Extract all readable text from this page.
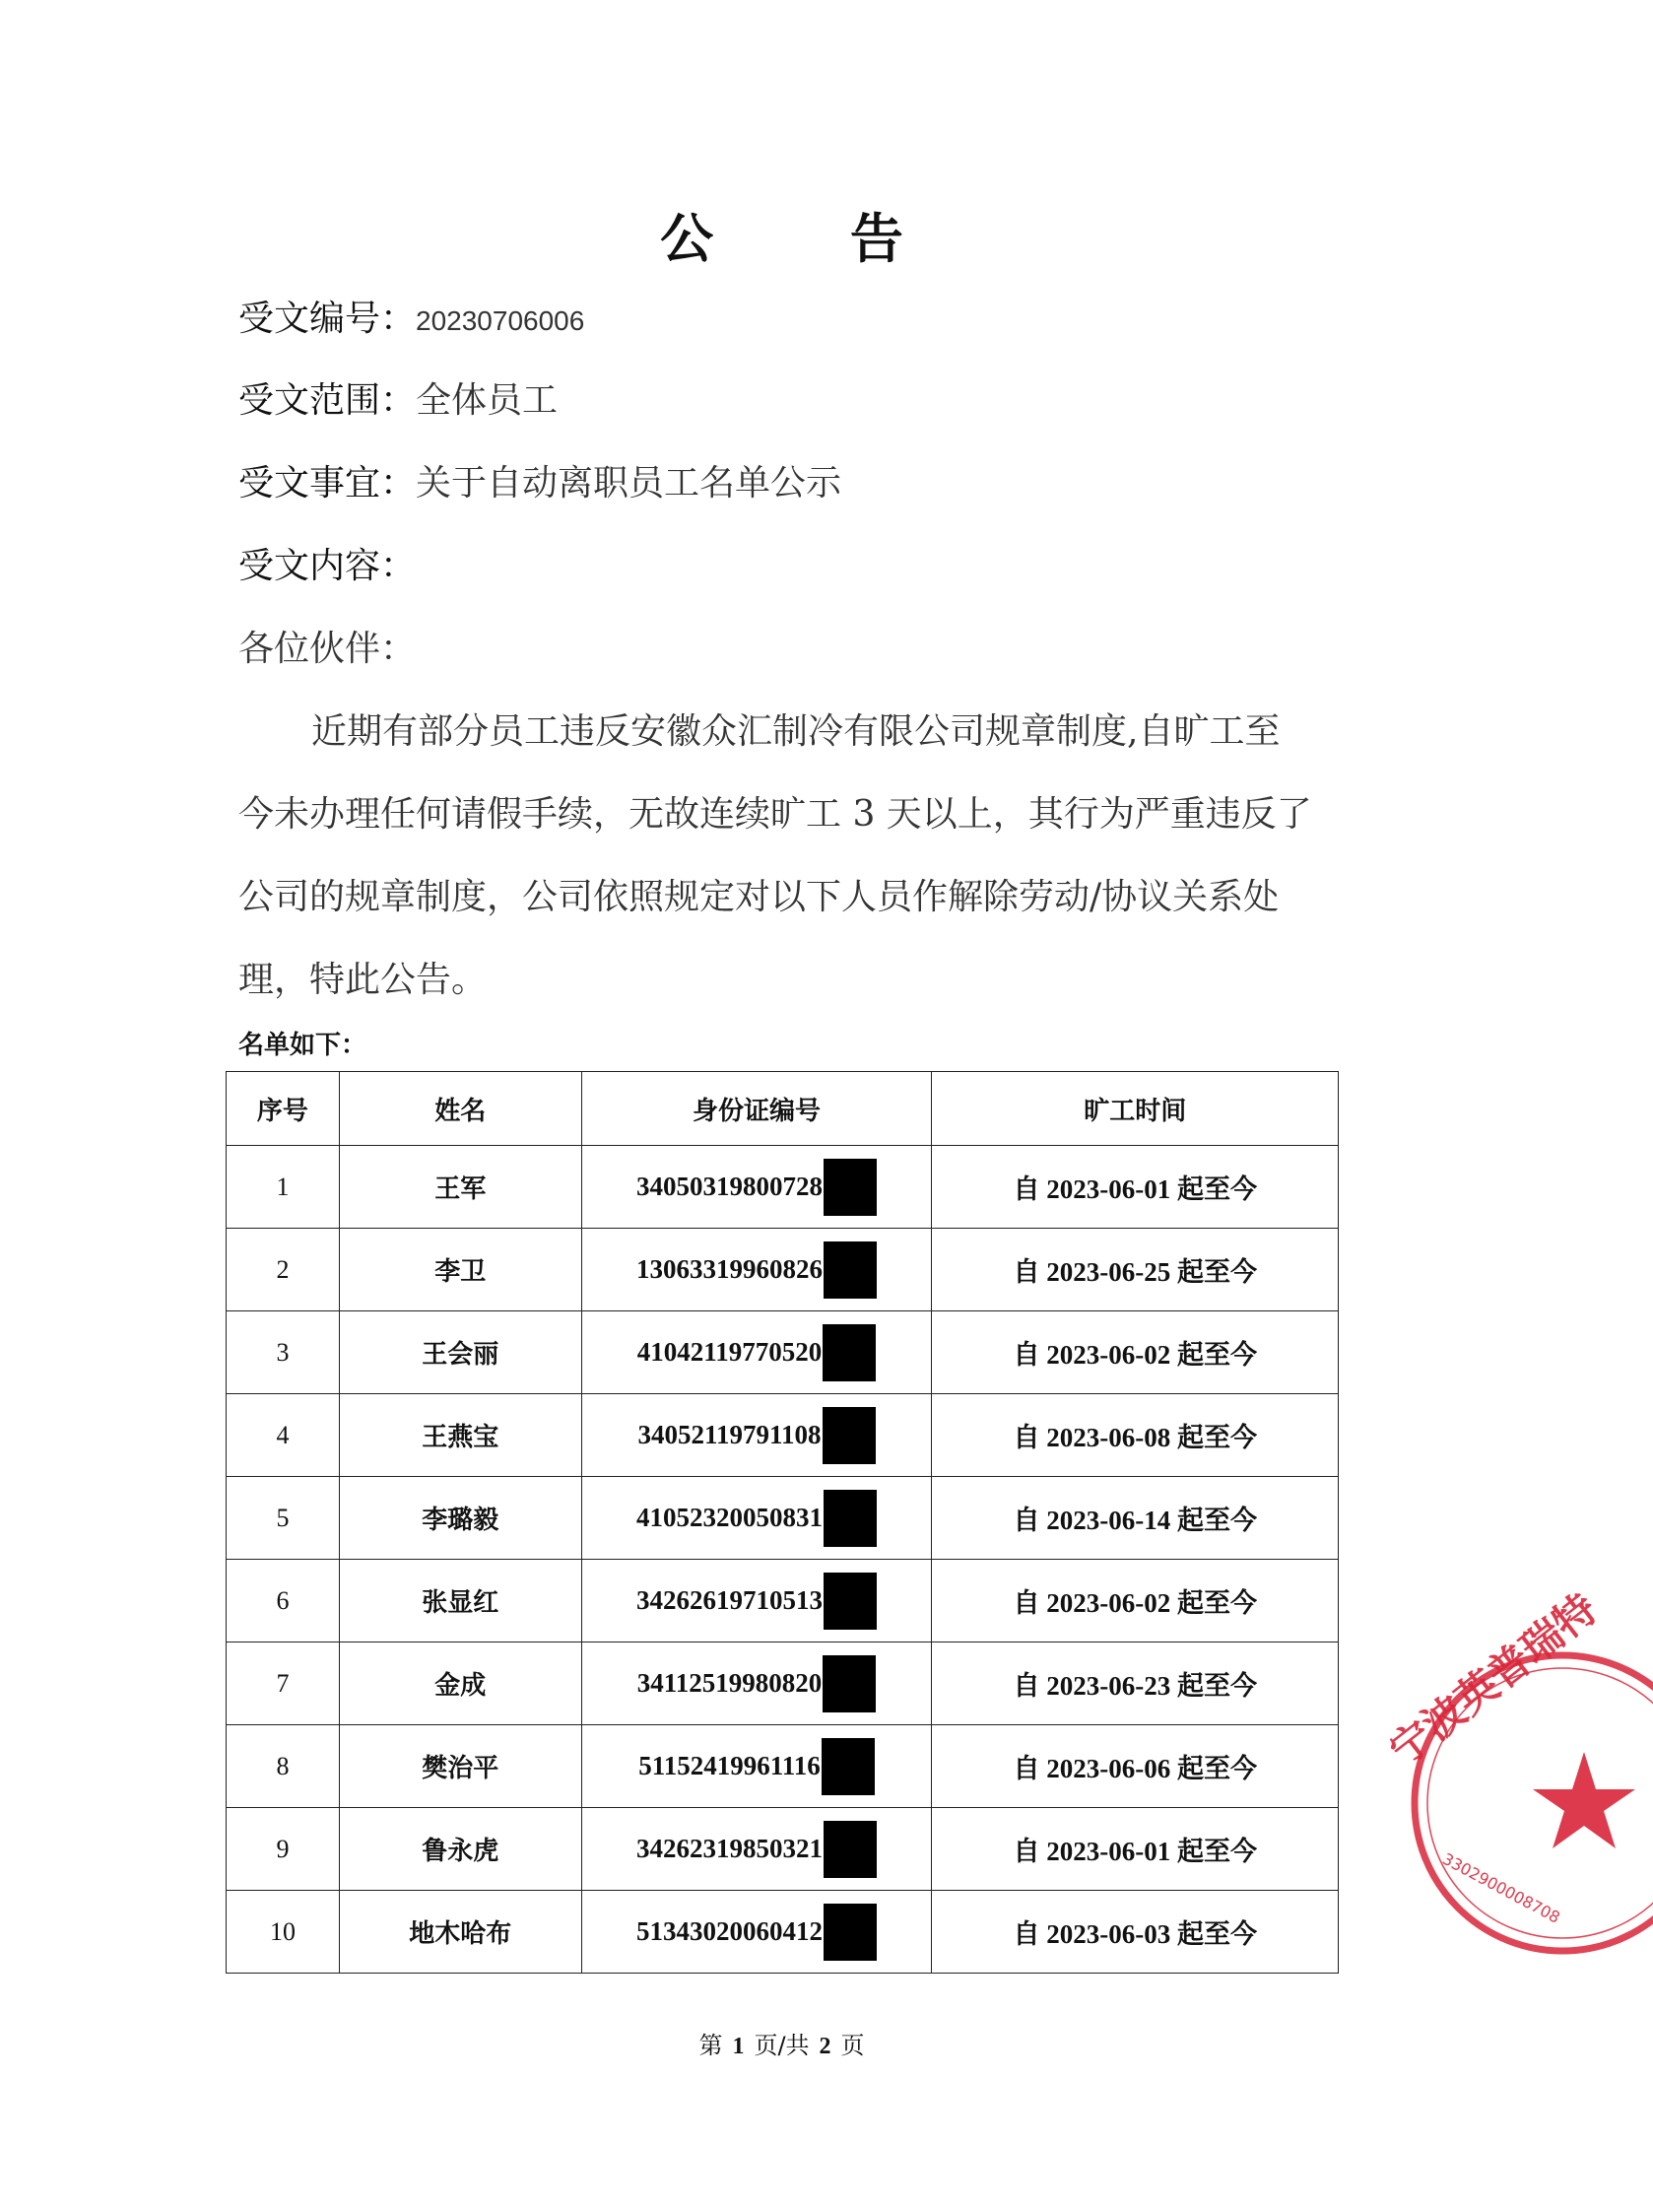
公 告
受文编号：20230706006
受文范围：全体员工
受文事宜：关于自动离职员工名单公示
受文内容：
各位伙伴：
近期有部分员工违反安徽众汇制冷有限公司规章制度,自旷工至
今未办理任何请假手续，无故连续旷工 3 天以上，其行为严重违反了
公司的规章制度，公司依照规定对以下人员作解除劳动/协议关系处
理，特此公告。
名单如下：
序号	姓名	身份证编号	旷工时间
1	王军	34050319800728	自 2023-06-01 起至今
2	李卫	13063319960826	自 2023-06-25 起至今
3	王会丽	41042119770520	自 2023-06-02 起至今
4	王燕宝	34052119791108	自 2023-06-08 起至今
5	李璐毅	41052320050831	自 2023-06-14 起至今
6	张显红	34262619710513	自 2023-06-02 起至今
7	金成	34112519980820	自 2023-06-23 起至今
8	樊治平	51152419961116	自 2023-06-06 起至今
9	鲁永虎	34262319850321	自 2023-06-01 起至今
10	地木哈布	51343020060412	自 2023-06-03 起至今
第 1 页/共 2 页
宁波英普瑞特
3302900008708
